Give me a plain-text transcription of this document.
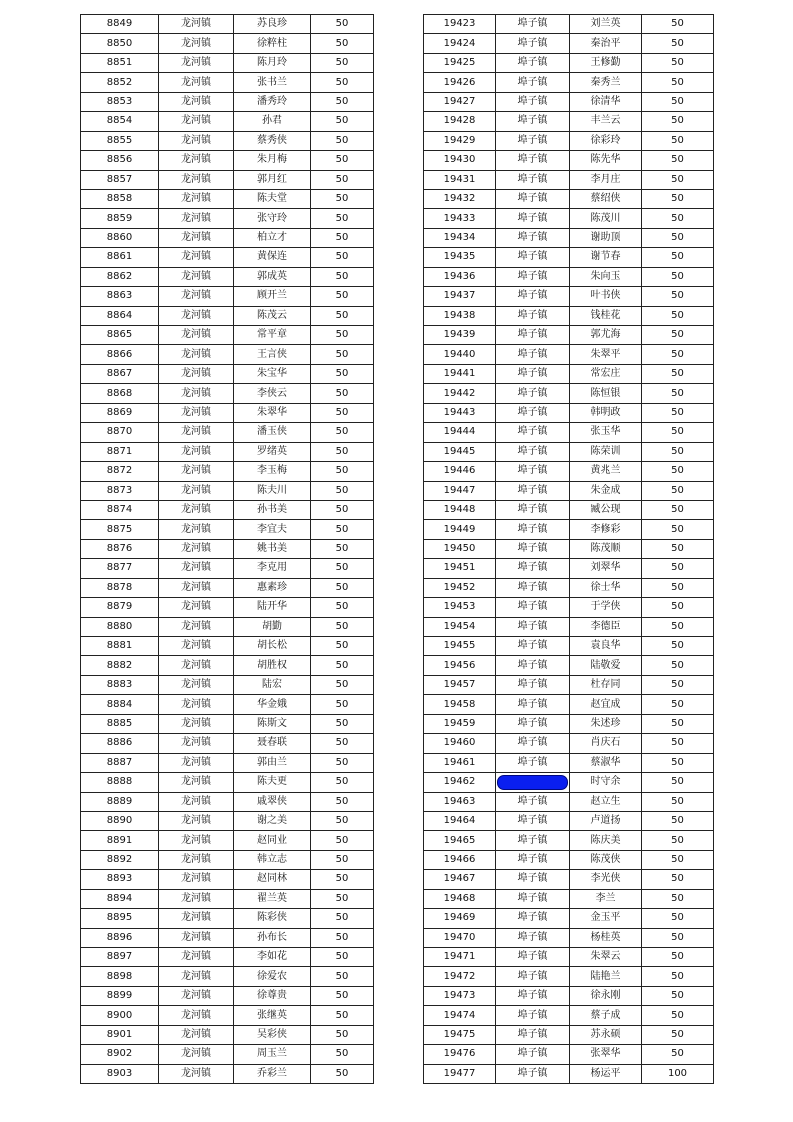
8849	龙河镇	苏良珍	50
8850	龙河镇	徐粹柱	50
8851	龙河镇	陈月玲	50
8852	龙河镇	张书兰	50
8853	龙河镇	潘秀玲	50
8854	龙河镇	孙君	50
8855	龙河镇	蔡秀侠	50
8856	龙河镇	朱月梅	50
8857	龙河镇	郭月红	50
8858	龙河镇	陈夫堂	50
8859	龙河镇	张守玲	50
8860	龙河镇	柏立才	50
8861	龙河镇	黄保连	50
8862	龙河镇	郭成英	50
8863	龙河镇	顾开兰	50
8864	龙河镇	陈茂云	50
8865	龙河镇	常平章	50
8866	龙河镇	王言侠	50
8867	龙河镇	朱宝华	50
8868	龙河镇	李侠云	50
8869	龙河镇	朱翠华	50
8870	龙河镇	潘玉侠	50
8871	龙河镇	罗绪英	50
8872	龙河镇	李玉梅	50
8873	龙河镇	陈夫川	50
8874	龙河镇	孙书美	50
8875	龙河镇	李宜夫	50
8876	龙河镇	姚书美	50
8877	龙河镇	李克用	50
8878	龙河镇	惠素珍	50
8879	龙河镇	陆开华	50
8880	龙河镇	胡勤	50
8881	龙河镇	胡长松	50
8882	龙河镇	胡胜权	50
8883	龙河镇	陆宏	50
8884	龙河镇	华金娥	50
8885	龙河镇	陈斯文	50
8886	龙河镇	聂春联	50
8887	龙河镇	郭由兰	50
8888	龙河镇	陈夫更	50
8889	龙河镇	戚翠侠	50
8890	龙河镇	谢之美	50
8891	龙河镇	赵同业	50
8892	龙河镇	韩立志	50
8893	龙河镇	赵同林	50
8894	龙河镇	翟兰英	50
8895	龙河镇	陈彩侠	50
8896	龙河镇	孙布长	50
8897	龙河镇	李如花	50
8898	龙河镇	徐爱农	50
8899	龙河镇	徐尊贵	50
8900	龙河镇	张继英	50
8901	龙河镇	吴彩侠	50
8902	龙河镇	周玉兰	50
8903	龙河镇	乔彩兰	50
19423	埠子镇	刘兰英	50
19424	埠子镇	秦治平	50
19425	埠子镇	王修勤	50
19426	埠子镇	秦秀兰	50
19427	埠子镇	徐清华	50
19428	埠子镇	丰兰云	50
19429	埠子镇	徐彩玲	50
19430	埠子镇	陈先华	50
19431	埠子镇	李月庄	50
19432	埠子镇	蔡绍侠	50
19433	埠子镇	陈茂川	50
19434	埠子镇	谢助顶	50
19435	埠子镇	谢节春	50
19436	埠子镇	朱向玉	50
19437	埠子镇	叶书侠	50
19438	埠子镇	钱桂花	50
19439	埠子镇	郭尤海	50
19440	埠子镇	朱翠平	50
19441	埠子镇	常宏庄	50
19442	埠子镇	陈恒银	50
19443	埠子镇	韩明政	50
19444	埠子镇	张玉华	50
19445	埠子镇	陈荣训	50
19446	埠子镇	黄兆兰	50
19447	埠子镇	朱金成	50
19448	埠子镇	臧公现	50
19449	埠子镇	李修彩	50
19450	埠子镇	陈茂顺	50
19451	埠子镇	刘翠华	50
19452	埠子镇	徐士华	50
19453	埠子镇	于学侠	50
19454	埠子镇	李德臣	50
19455	埠子镇	袁良华	50
19456	埠子镇	陆敬爱	50
19457	埠子镇	杜存同	50
19458	埠子镇	赵宜成	50
19459	埠子镇	朱述珍	50
19460	埠子镇	肖庆石	50
19461	埠子镇	蔡淑华	50
19462		时守余	50
19463	埠子镇	赵立生	50
19464	埠子镇	卢道扬	50
19465	埠子镇	陈庆美	50
19466	埠子镇	陈茂侠	50
19467	埠子镇	李光侠	50
19468	埠子镇	李兰	50
19469	埠子镇	金玉平	50
19470	埠子镇	杨桂英	50
19471	埠子镇	朱翠云	50
19472	埠子镇	陆艳兰	50
19473	埠子镇	徐永刚	50
19474	埠子镇	蔡子成	50
19475	埠子镇	苏永硕	50
19476	埠子镇	张翠华	50
19477	埠子镇	杨运平	100
